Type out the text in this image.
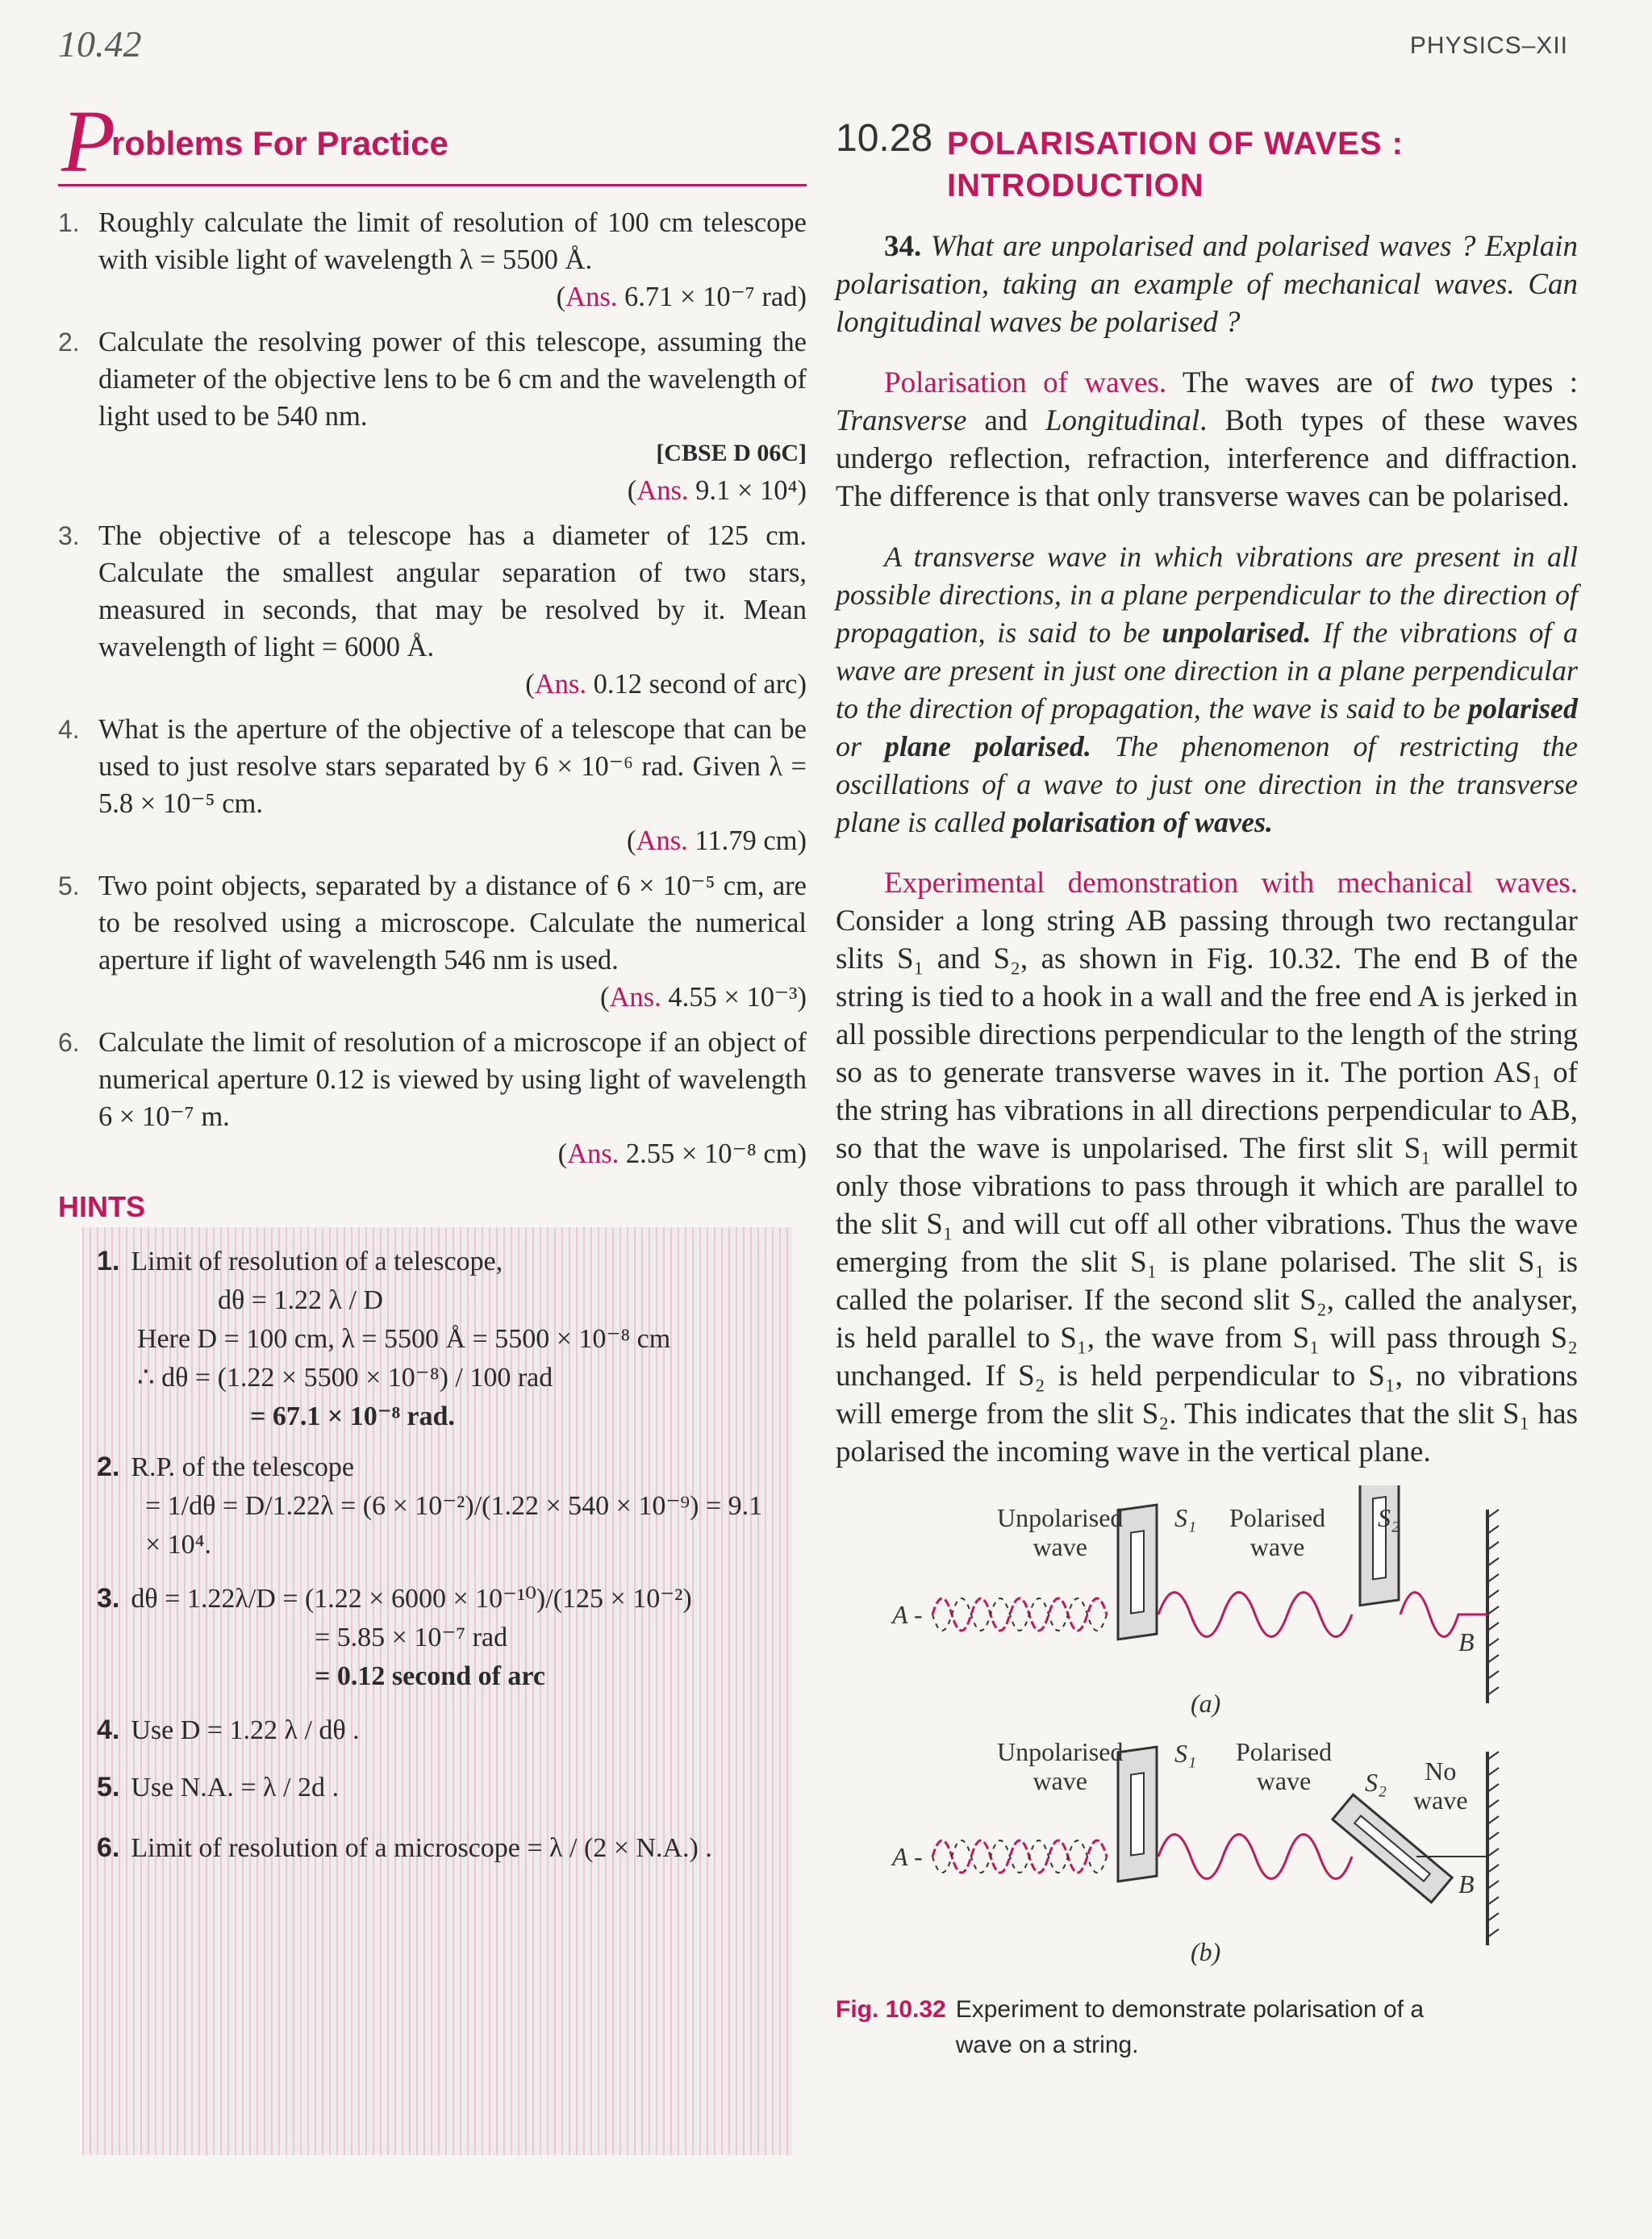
10.42	PHYSICS–XII
P
roblems For Practice
1. Roughly calculate the limit of resolution of 100 cm telescope with visible light of wavelength λ = 5500 Å.
(Ans. 6.71 × 10⁻⁷ rad)
2. Calculate the resolving power of this telescope, assuming the diameter of the objective lens to be 6 cm and the wavelength of light used to be 540 nm.
[CBSE D 06C]
(Ans. 9.1 × 10⁴)
3. The objective of a telescope has a diameter of 125 cm. Calculate the smallest angular separation of two stars, measured in seconds, that may be resolved by it. Mean wavelength of light = 6000 Å.
(Ans. 0.12 second of arc)
4. What is the aperture of the objective of a telescope that can be used to just resolve stars separated by 6 × 10⁻⁶ rad. Given λ = 5.8 × 10⁻⁵ cm.
(Ans. 11.79 cm)
5. Two point objects, separated by a distance of 6 × 10⁻⁵ cm, are to be resolved using a microscope. Calculate the numerical aperture if light of wavelength 546 nm is used.
(Ans. 4.55 × 10⁻³)
6. Calculate the limit of resolution of a microscope if an object of numerical aperture 0.12 is viewed by using light of wavelength 6 × 10⁻⁷ m.
(Ans. 2.55 × 10⁻⁸ cm)
HINTS
1. Limit of resolution of a telescope,
dθ = 1.22 λ / D
Here D = 100 cm, λ = 5500 Å = 5500 × 10⁻⁸ cm
∴ dθ = (1.22 × 5500 × 10⁻⁸) / 100 rad
= 67.1 × 10⁻⁸ rad.
2. R.P. of the telescope
= 1/dθ = D/1.22λ = (6 × 10⁻²)/(1.22 × 540 × 10⁻⁹) = 9.1 × 10⁴.
3. dθ = 1.22λ/D = (1.22 × 6000 × 10⁻¹⁰)/(125 × 10⁻²)
= 5.85 × 10⁻⁷ rad
= 0.12 second of arc
4. Use D = 1.22 λ / dθ .
5. Use N.A. = λ / 2d .
6. Limit of resolution of a microscope = λ / (2 × N.A.) .
10.28 POLARISATION OF WAVES :
INTRODUCTION
34. What are unpolarised and polarised waves ? Explain polarisation, taking an example of mechanical waves. Can longitudinal waves be polarised ?
Polarisation of waves. The waves are of two types : Transverse and Longitudinal. Both types of these waves undergo reflection, refraction, interference and diffraction. The difference is that only transverse waves can be polarised.
A transverse wave in which vibrations are present in all possible directions, in a plane perpendicular to the direction of propagation, is said to be unpolarised. If the vibrations of a wave are present in just one direction in a plane perpendicular to the direction of propagation, the wave is said to be polarised or plane polarised. The phenomenon of restricting the oscillations of a wave to just one direction in the transverse plane is called polarisation of waves.
Experimental demonstration with mechanical waves. Consider a long string AB passing through two rectangular slits S₁ and S₂, as shown in Fig. 10.32. The end B of the string is tied to a hook in a wall and the free end A is jerked in all possible directions perpendicular to the length of the string so as to generate transverse waves in it. The portion AS₁ of the string has vibrations in all directions perpendicular to AB, so that the wave is unpolarised. The first slit S₁ will permit only those vibrations to pass through it which are parallel to the slit S₁ and will cut off all other vibrations. Thus the wave emerging from the slit S₁ is plane polarised. The slit S₁ is called the polariser. If the second slit S₂, called the analyser, is held parallel to S₁, the wave from S₁ will pass through S₂ unchanged. If S₂ is held perpendicular to S₁, no vibrations will emerge from the slit S₂. This indicates that the slit S₁ has polarised the incoming wave in the vertical plane.
Unpolarised
wave
S₁ Polarised
wave
S₂
A -
B
(a)
Unpolarised
wave
S₁ Polarised
wave	S₂	No
wave
A -
B
(b)
Fig. 10.32 Experiment to demonstrate polarisation of a wave on a string.
